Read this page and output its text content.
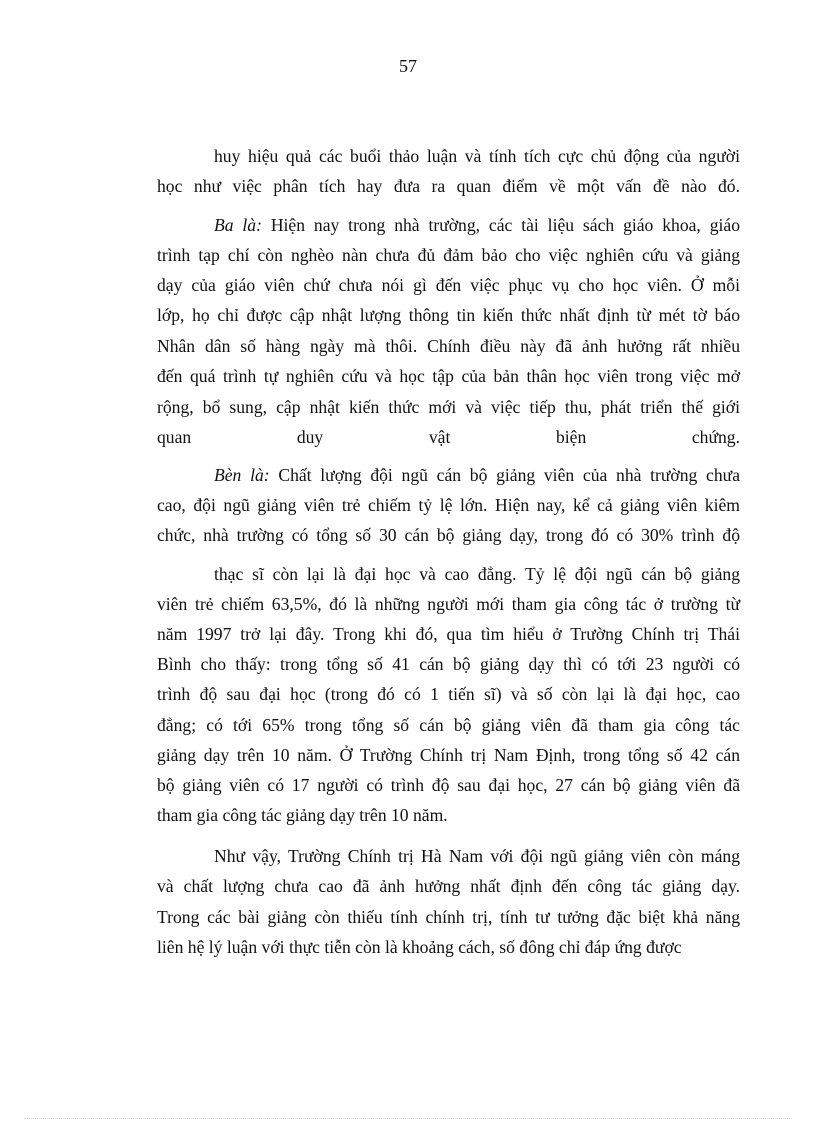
57
huy hiệu quả các buổi thảo luận và tính tích cực chủ động của người
học như việc phân tích hay đưa ra quan điểm về một vấn đề nào đó.
Ba là: Hiện nay trong nhà trường, các tài liệu sách giáo khoa, giáo
trình tạp chí còn nghèo nàn chưa đủ đảm bảo cho việc nghiên cứu và giảng
dạy của giáo viên chứ chưa nói gì đến việc phục vụ cho học viên. Ở mỗi
lớp, họ chỉ được cập nhật lượng thông tin kiến thức nhất định từ mét tờ báo
Nhân dân số hàng ngày mà thôi. Chính điều này đã ảnh hưởng rất nhiều
đến quá trình tự nghiên cứu và học tập của bản thân học viên trong việc mở
rộng, bổ sung, cập nhật kiến thức mới và việc tiếp thu, phát triển thế giới
quan duy vật biện chứng.
Bèn là: Chất lượng đội ngũ cán bộ giảng viên của nhà trường chưa
cao, đội ngũ giảng viên trẻ chiếm tỷ lệ lớn. Hiện nay, kể cả giảng viên kiêm
chức, nhà trường có tổng số 30 cán bộ giảng dạy, trong đó có 30% trình độ
thạc sĩ còn lại là đại học và cao đẳng. Tỷ lệ đội ngũ cán bộ giảng
viên trẻ chiếm 63,5%, đó là những người mới tham gia công tác ở trường từ
năm 1997 trở lại đây. Trong khi đó, qua tìm hiểu ở Trường Chính trị Thái
Bình cho thấy: trong tổng số 41 cán bộ giảng dạy thì có tới 23 người có
trình độ sau đại học (trong đó có 1 tiến sĩ) và số còn lại là đại học, cao
đẳng; có tới 65% trong tổng số cán bộ giảng viên đã tham gia công tác
giảng dạy trên 10 năm. Ở Trường Chính trị Nam Định, trong tổng số 42 cán
bộ giảng viên có 17 người có trình độ sau đại học, 27 cán bộ giảng viên đã
tham gia công tác giảng dạy trên 10 năm.
Như vậy, Trường Chính trị Hà Nam với đội ngũ giảng viên còn máng
và chất lượng chưa cao đã ảnh hưởng nhất định đến công tác giảng dạy.
Trong các bài giảng còn thiếu tính chính trị, tính tư tưởng đặc biệt khả năng
liên hệ lý luận với thực tiễn còn là khoảng cách, số đông chỉ đáp ứng được
